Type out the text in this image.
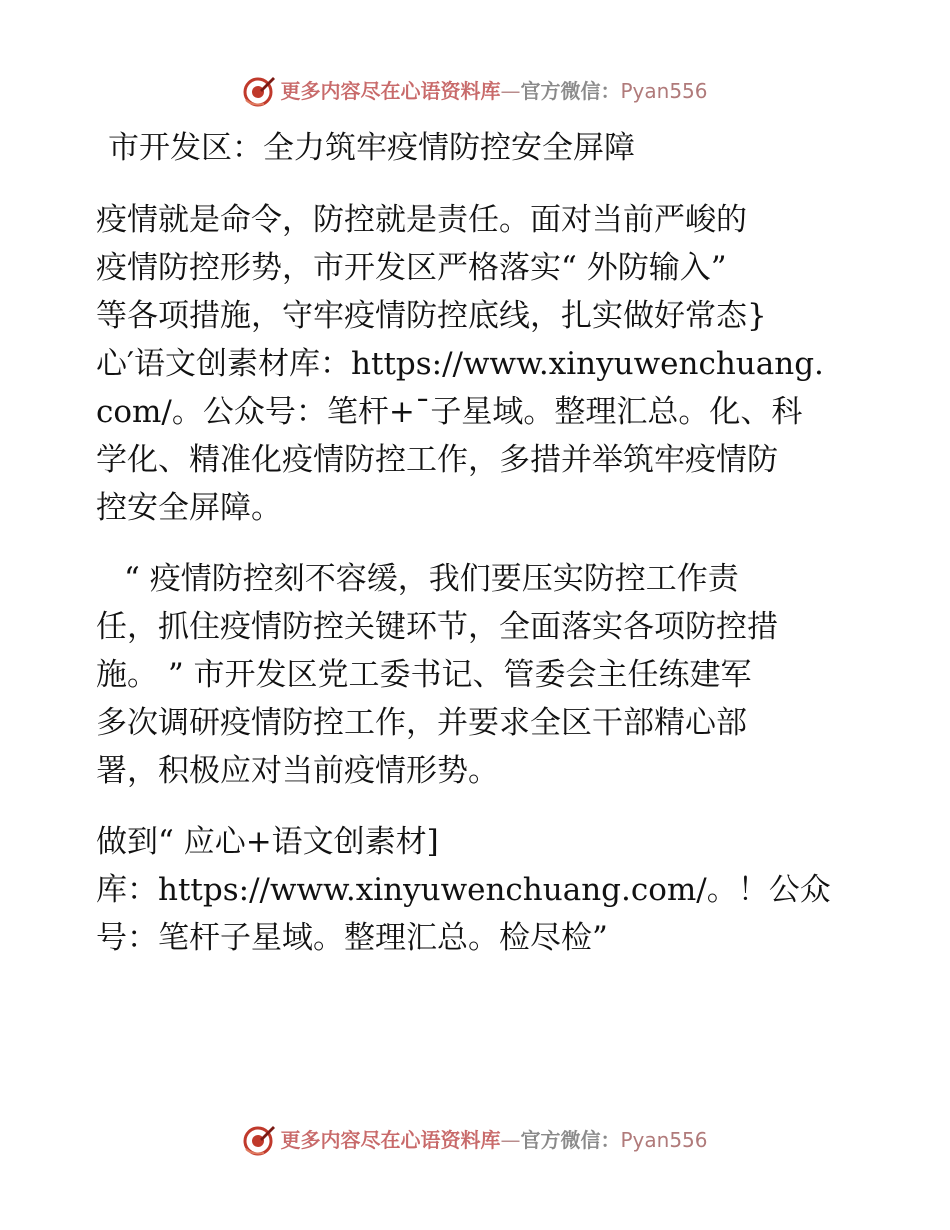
更多内容尽在心语资料库—官方微信：Pyan556
市开发区：全力筑牢疫情防控安全屏障
疫情就是命令，防控就是责任。面对当前严峻的
疫情防控形势，市开发区严格落实“ 外防输入”
等各项措施，守牢疫情防控底线，扎实做好常态}
心′语文创素材库：https://www.xinyuwenchuang.
com/。公众号：笔杆+¯子星域。整理汇总。化、科
学化、精准化疫情防控工作，多措并举筑牢疫情防
控安全屏障。
“ 疫情防控刻不容缓，我们要压实防控工作责
任，抓住疫情防控关键环节，全面落实各项防控措
施。 ” 市开发区党工委书记、管委会主任练建军
多次调研疫情防控工作，并要求全区干部精心部
署，积极应对当前疫情形势。
做到“ 应心+语文创素材]
库：https://www.xinyuwenchuang.com/。！公众
号：笔杆子星域。整理汇总。检尽检”
更多内容尽在心语资料库—官方微信：Pyan556
